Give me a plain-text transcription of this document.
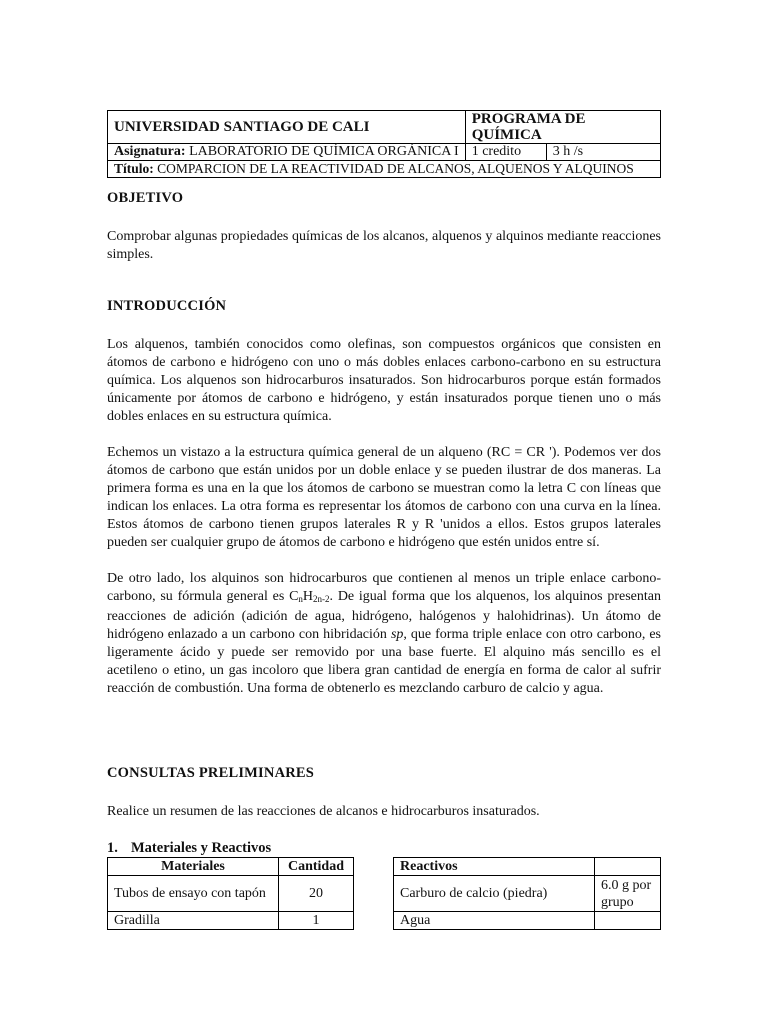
UNIVERSIDAD SANTIAGO DE CALI	PROGRAMA DE QUÍMICA	
Asignatura: LABORATORIO DE QUÍMICA ORGÁNICA I	1 credito	3 h /s
Título: COMPARCION DE LA REACTIVIDAD DE ALCANOS, ALQUENOS Y ALQUINOS		
OBJETIVO

Comprobar algunas propiedades químicas de los alcanos, alquenos y alquinos mediante reacciones simples.

INTRODUCCIÓN

Los alquenos, también conocidos como olefinas, son compuestos orgánicos que consisten en átomos de carbono e hidrógeno con uno o más dobles enlaces carbono-carbono en su estructura química. Los alquenos son hidrocarburos insaturados. Son hidrocarburos porque están formados únicamente por átomos de carbono e hidrógeno, y están insaturados porque tienen uno o más dobles enlaces en su estructura química.

Echemos un vistazo a la estructura química general de un alqueno (RC = CR '). Podemos ver dos átomos de carbono que están unidos por un doble enlace y se pueden ilustrar de dos maneras. La primera forma es una en la que los átomos de carbono se muestran como la letra C con líneas que indican los enlaces. La otra forma es representar los átomos de carbono con una curva en la línea. Estos átomos de carbono tienen grupos laterales R y R 'unidos a ellos. Estos grupos laterales pueden ser cualquier grupo de átomos de carbono e hidrógeno que estén unidos entre sí.

De otro lado, los alquinos son hidrocarburos que contienen al menos un triple enlace carbono-carbono, su fórmula general es $C_nH_{2n-2}$. De igual forma que los alquenos, los alquinos presentan reacciones de adición (adición de agua, hidrógeno, halógenos y halohidrinas). Un átomo de hidrógeno enlazado a un carbono con hibridación sp, que forma triple enlace con otro carbono, es ligeramente ácido y puede ser removido por una base fuerte. El alquino más sencillo es el acetileno o etino, un gas incoloro que libera gran cantidad de energía en forma de calor al sufrir reacción de combustión. Una forma de obtenerlo es mezclando carburo de calcio y agua.

CONSULTAS PRELIMINARES

Realice un resumen de las reacciones de alcanos e hidrocarburos insaturados.

1. Materiales y Reactivos
Materiales	Cantidad
Tubos de ensayo con tapón	20
Gradilla	1
Reactivos	
Carburo de calcio (piedra)	6.0 g por grupo
Agua	
